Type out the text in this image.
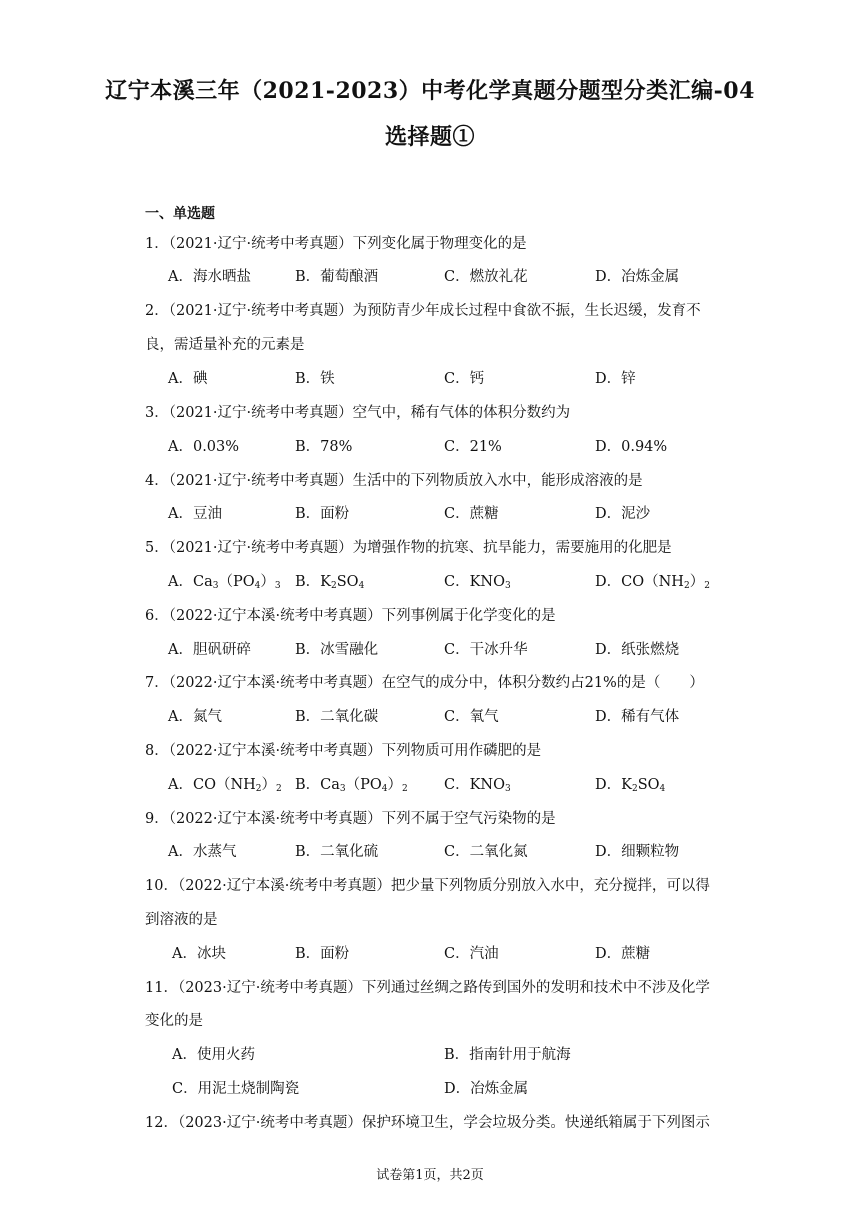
辽宁本溪三年（2021-2023）中考化学真题分题型分类汇编-04
选择题①
一、单选题
1．（2021·辽宁·统考中考真题）下列变化属于物理变化的是
A．海水晒盐	B．葡萄酿酒	C．燃放礼花	D．冶炼金属
2．（2021·辽宁·统考中考真题）为预防青少年成长过程中食欲不振，生长迟缓，发育不
良，需适量补充的元素是
A．碘	B．铁	C．钙	D．锌
3．（2021·辽宁·统考中考真题）空气中，稀有气体的体积分数约为
A．0.03%	B．78%	C．21%	D．0.94%
4．（2021·辽宁·统考中考真题）生活中的下列物质放入水中，能形成溶液的是
A．豆油	B．面粉	C．蔗糖	D．泥沙
5．（2021·辽宁·统考中考真题）为增强作物的抗寒、抗旱能力，需要施用的化肥是
A．$Ca_3(PO_4)_3$ B．$K_2SO_4$	C．$KNO_3$	D．$CO(NH_2)_2$
6．（2022·辽宁本溪·统考中考真题）下列事例属于化学变化的是
A．胆矾研碎	B．冰雪融化	C．干冰升华	D．纸张燃烧
7．（2022·辽宁本溪·统考中考真题）在空气的成分中，体积分数约占21%的是（　　）
A．氮气	B．二氧化碳	C．氧气	D．稀有气体
8．（2022·辽宁本溪·统考中考真题）下列物质可用作磷肥的是
A．$CO(NH_2)_2$ B．$Ca_3(PO_4)_2$ C．$KNO_3$	D．$K_2SO_4$
9．（2022·辽宁本溪·统考中考真题）下列不属于空气污染物的是
A．水蒸气	B．二氧化硫	C．二氧化氮	D．细颗粒物
10．（2022·辽宁本溪·统考中考真题）把少量下列物质分别放入水中，充分搅拌，可以得
到溶液的是
A．冰块	B．面粉	C．汽油	D．蔗糖
11．（2023·辽宁·统考中考真题）下列通过丝绸之路传到国外的发明和技术中不涉及化学
变化的是
A．使用火药	B．指南针用于航海
C．用泥土烧制陶瓷	D．冶炼金属
12．（2023·辽宁·统考中考真题）保护环境卫生，学会垃圾分类。快递纸箱属于下列图示
试卷第1页，共2页
